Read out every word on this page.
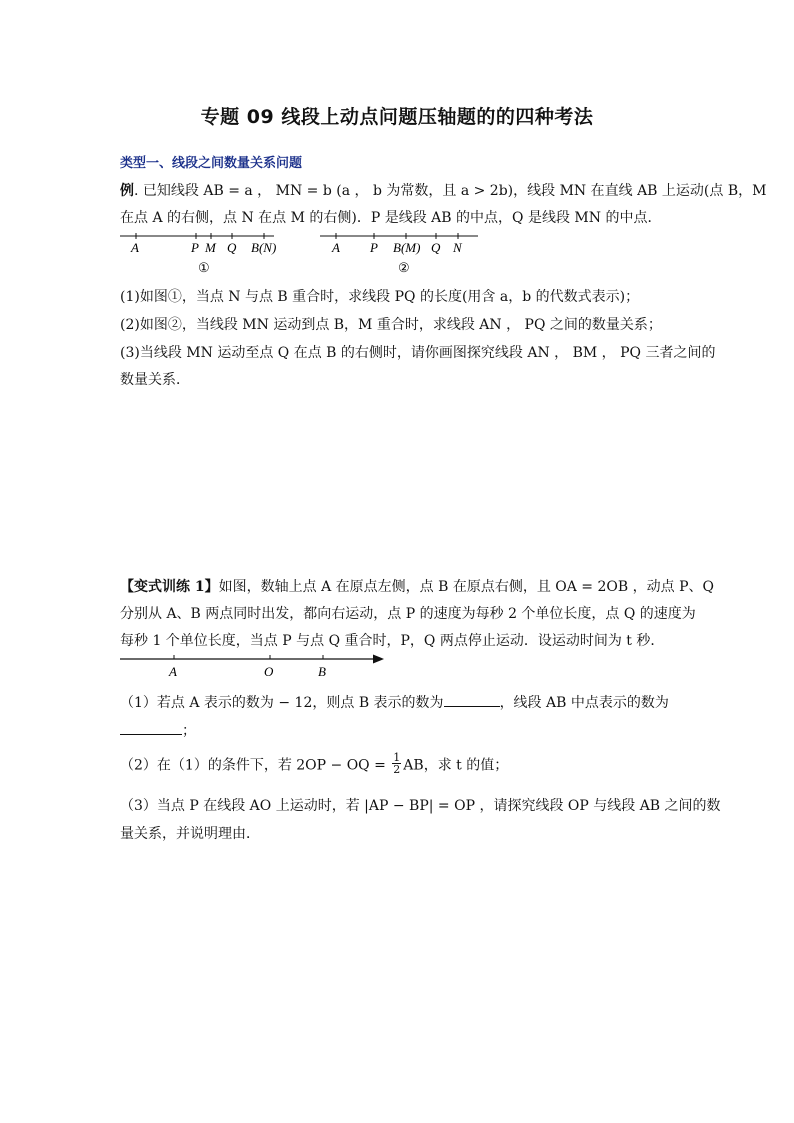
专题 09 线段上动点问题压轴题的的四种考法
类型一、线段之间数量关系问题
例. 已知线段 AB = a ， MN = b (a ， b 为常数，且 a > 2b)，线段 MN 在直线 AB 上运动(点 B，M
在点 A 的右侧，点 N 在点 M 的右侧)．P 是线段 AB 的中点，Q 是线段 MN 的中点．
A	P M Q B(N)
①
A P B(M) Q N
②
(1)如图①，当点 N 与点 B 重合时，求线段 PQ 的长度(用含 a，b 的代数式表示)；
(2)如图②，当线段 MN 运动到点 B，M 重合时，求线段 AN ， PQ 之间的数量关系；
(3)当线段 MN 运动至点 Q 在点 B 的右侧时，请你画图探究线段 AN ， BM ， PQ 三者之间的
数量关系．
【变式训练 1】如图，数轴上点 A 在原点左侧，点 B 在原点右侧，且 OA = 2OB ，动点 P、Q
分别从 A、B 两点同时出发，都向右运动，点 P 的速度为每秒 2 个单位长度，点 Q 的速度为
每秒 1 个单位长度，当点 P 与点 Q 重合时，P，Q 两点停止运动．设运动时间为 t 秒．
A	O	B
（1）若点 A 表示的数为 − 12，则点 B 表示的数为	，线段 AB 中点表示的数为
；
（2）在（1）的条件下，若 2OP − OQ = $\frac{1}{2}$ AB，求 t 的值；
（3）当点 P 在线段 AO 上运动时，若 |AP − BP| = OP ，请探究线段 OP 与线段 AB 之间的数
量关系，并说明理由．
